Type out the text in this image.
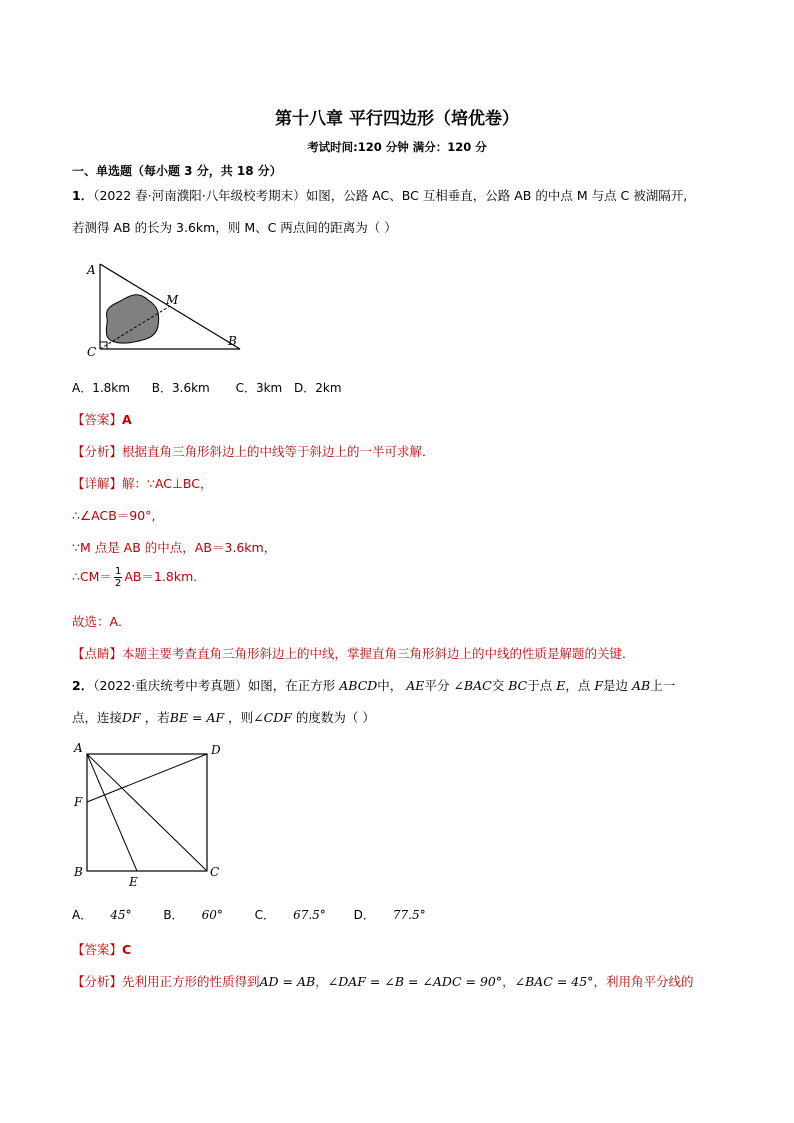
第十八章 平行四边形（培优卷）
考试时间:120 分钟 满分：120 分
一、单选题（每小题 3 分，共 18 分）
1．（2022 春·河南濮阳·八年级校考期末）如图，公路 AC、BC 互相垂直，公路 AB 的中点 M 与点 C 被湖隔开,
若测得 AB 的长为 3.6km，则 M、C 两点间的距离为（ ）
A
M
B
C
A．1.8km B．3.6km C．3km D．2km
【答案】A
【分析】根据直角三角形斜边上的中线等于斜边上的一半可求解．
【详解】解：∵AC⊥BC，
∴∠ACB＝90°,
∵M 点是 AB 的中点，AB＝3.6km，
∴CM＝ $\frac{1}{2} AB=1.8km$．
故选：A．
【点睛】本题主要考查直角三角形斜边上的中线，掌握直角三角形斜边上的中线的性质是解题的关键．
2．（2022·重庆统考中考真题）如图，在正方形 ABCD中， AE平分 ∠BAC交 BC于点 E，点 F是边 AB上一
点，连接DF ，若BE = AF ，则∠CDF 的度数为（ ）
A	D
F
B
E
C
A． 45°	B． 60°	C． 67.5° D． 77.5°
【答案】C
【分析】先利用正方形的性质得到AD = AB，∠DAF = ∠B = ∠ADC = 90°，∠BAC = 45°，利用角平分线的
